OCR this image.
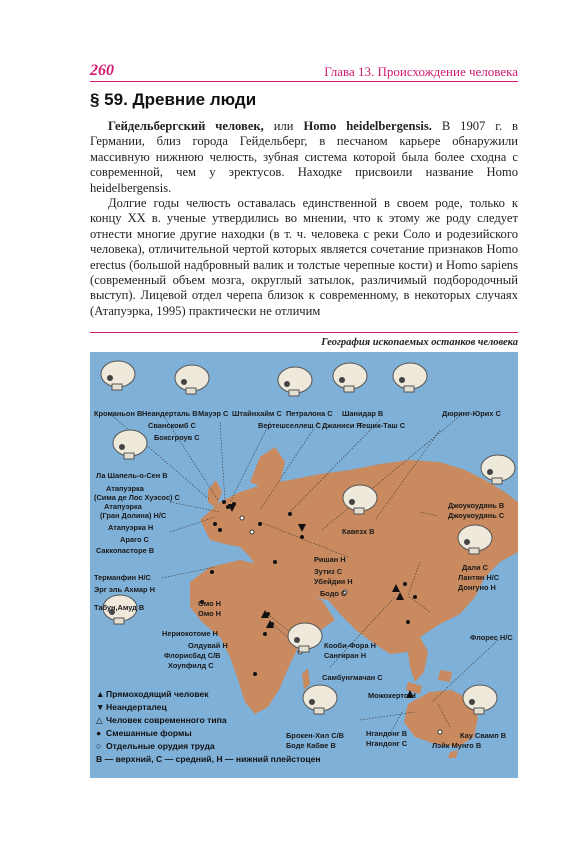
260	Глава 13. Происхождение человека
§ 59. Древние люди

Гейдельбергский человек, или Homo heidelbergensis. В 1907 г. в Германии, близ города Гейдельберг, в песчаном карьере обнаружили массивную нижнюю челюсть, зубная система которой была более сходна с современной, чем у эректусов. Находке присвоили название Homo heidelbergensis.

Долгие годы челюсть оставалась единственной в своем роде, только к концу XX в. ученые утвердились во мнении, что к этому же роду следует отнести многие другие находки (в т. ч. человека с реки Соло и родезийского человека), отличительной чертой которых является сочетание признаков Homo erectus (большой надбровный валик и толстые черепные кости) и Homo sapiens (современный объем мозга, округлый затылок, различимый подбородочный выступ). Лицевой отдел черепа близок к современному, в некоторых случаях (Атапуэрка, 1995) практически не отличим

География ископаемых останков человека
Кроманьон В Неандерталь В Мауэр С Штайнхайм С Петралона С Шанидар В	Дюринг-Юрих С
Сванскомб С	Вертешселлеш С Джаниси Н
Тешик-Таш С
Боксгроув С
Ла Шапель-о-Сен В
Атапуэрка
(Сима де Лос Хуэсос) С
Атапуэрка
(Гран Долина) Н/С
Атапуэрка Н
Араго С
Саккопасторе В
Терманфин Н/С
Эрг эль Ахмар Н
Табун,Амуд В	Омо Н
Омо Н
Кавезх В
Джоукоудянь В
Джоукоудянь С
Дали С
Лантян Н/С
Донгуно Н
Ришан Н
Зутиз С
Убейдия Н
Бодо С
Нериокотоме Н
Олдувай Н
Флорисбад С/В
Хоупфилд С
Кооби-Фора Н
Сангиран Н
Самбунгмачан С
Флорес Н/С
Можокерто Н
Кау Свамп В
Лэйк Мунго В
Брокен-Хил С/В
Боде Кабве В
Нгандонг В
Нгандонг С
▲Прямоходящий человек
▼Неандерталец
△ Человек современного типа
● Смешанные формы
○ Отдельные орудия труда
В — верхний, С — средний, Н — нижний плейстоцен
